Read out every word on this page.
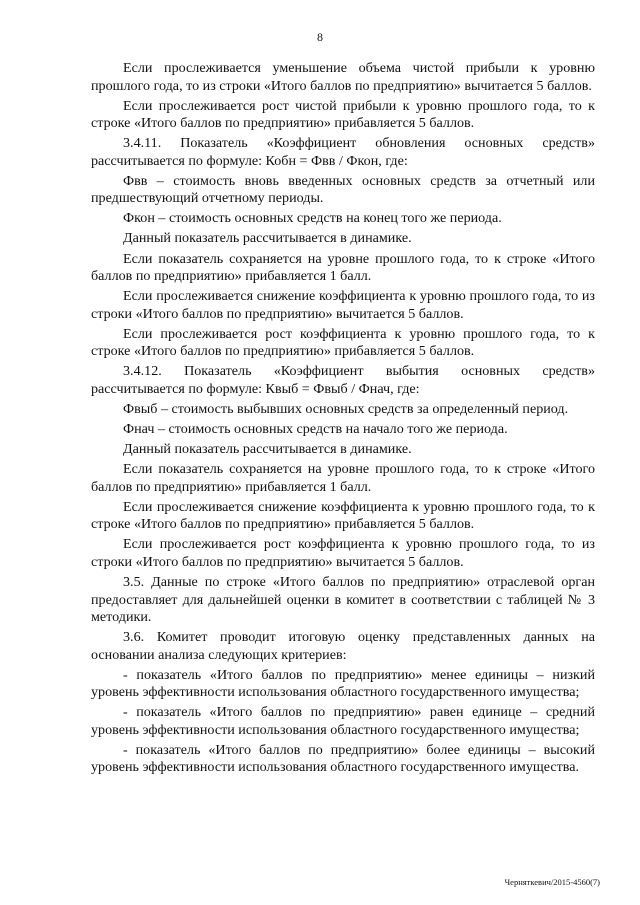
8

Если прослеживается уменьшение объема чистой прибыли к уровню прошлого года, то из строки «Итого баллов по предприятию» вычитается 5 баллов.

Если прослеживается рост чистой прибыли к уровню прошлого года, то к строке «Итого баллов по предприятию» прибавляется 5 баллов.

3.4.11. Показатель «Коэффициент обновления основных средств» рассчитывается по формуле: Кобн = Фвв / Фкон, где:

Фвв – стоимость вновь введенных основных средств за отчетный или предшествующий отчетному периоды.

Фкон – стоимость основных средств на конец того же периода.

Данный показатель рассчитывается в динамике.

Если показатель сохраняется на уровне прошлого года, то к строке «Итого баллов по предприятию» прибавляется 1 балл.

Если прослеживается снижение коэффициента к уровню прошлого года, то из строки «Итого баллов по предприятию» вычитается 5 баллов.

Если прослеживается рост коэффициента к уровню прошлого года, то к строке «Итого баллов по предприятию» прибавляется 5 баллов.

3.4.12. Показатель «Коэффициент выбытия основных средств» рассчитывается по формуле: Квыб = Фвыб / Фнач, где:

Фвыб – стоимость выбывших основных средств за определенный период.

Фнач – стоимость основных средств на начало того же периода.

Данный показатель рассчитывается в динамике.

Если показатель сохраняется на уровне прошлого года, то к строке «Итого баллов по предприятию» прибавляется 1 балл.

Если прослеживается снижение коэффициента к уровню прошлого года, то к строке «Итого баллов по предприятию» прибавляется 5 баллов.

Если прослеживается рост коэффициента к уровню прошлого года, то из строки «Итого баллов по предприятию» вычитается 5 баллов.

3.5. Данные по строке «Итого баллов по предприятию» отраслевой орган предоставляет для дальнейшей оценки в комитет в соответствии с таблицей № 3 методики.

3.6. Комитет проводит итоговую оценку представленных данных на основании анализа следующих критериев:

- показатель «Итого баллов по предприятию» менее единицы – низкий уровень эффективности использования областного государственного имущества;

- показатель «Итого баллов по предприятию» равен единице – средний уровень эффективности использования областного государственного имущества;

- показатель «Итого баллов по предприятию» более единицы – высокий уровень эффективности использования областного государственного имущества.

Черняткевич/2015-4560(7)
